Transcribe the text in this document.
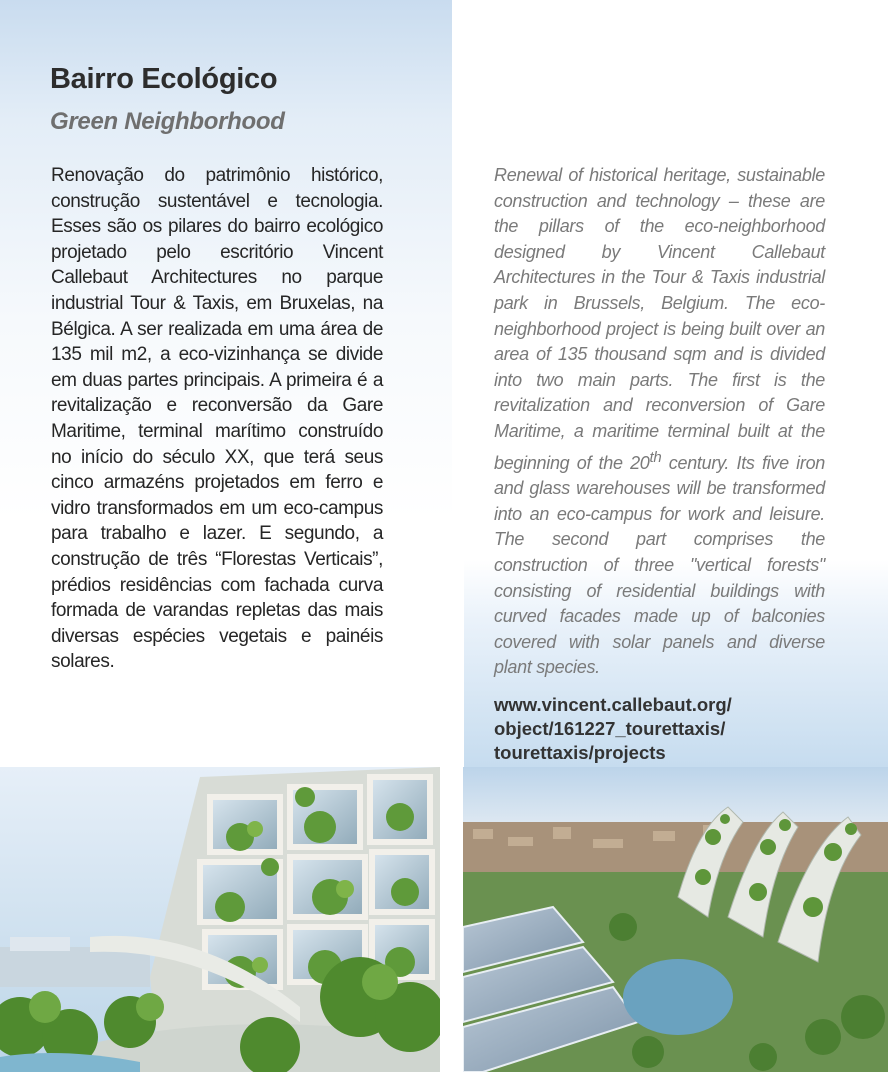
Bairro Ecológico
Green Neighborhood

Renovação do patrimônio histórico, construção sustentável e tecnologia. Esses são os pilares do bairro ecológico projetado pelo escritório Vincent Callebaut Architectures no parque industrial Tour & Taxis, em Bruxelas, na Bélgica. A ser realizada em uma área de 135 mil m2, a eco-vizinhança se divide em duas partes principais. A primeira é a revitalização e reconversão da Gare Maritime, terminal marítimo construído no início do século XX, que terá seus cinco armazéns projetados em ferro e vidro transformados em um eco-campus para trabalho e lazer. E segundo, a construção de três “Florestas Verticais”, prédios residências com fachada curva formada de varandas repletas das mais diversas espécies vegetais e painéis solares.

Renewal of historical heritage, sustainable construction and technology – these are the pillars of the eco-neighborhood designed by Vincent Callebaut Architectures in the Tour & Taxis industrial park in Brussels, Belgium. The eco-neighborhood project is being built over an area of 135 thousand sqm and is divided into two main parts. The first is the revitalization and reconversion of Gare Maritime, a maritime terminal built at the beginning of the 20th century. Its five iron and glass warehouses will be transformed into an eco-campus for work and leisure. The second part comprises the construction of three "vertical forests" consisting of residential buildings with curved facades made up of balconies covered with solar panels and diverse plant species.

www.vincent.callebaut.org/
object/161227_tourettaxis/
tourettaxis/projects
